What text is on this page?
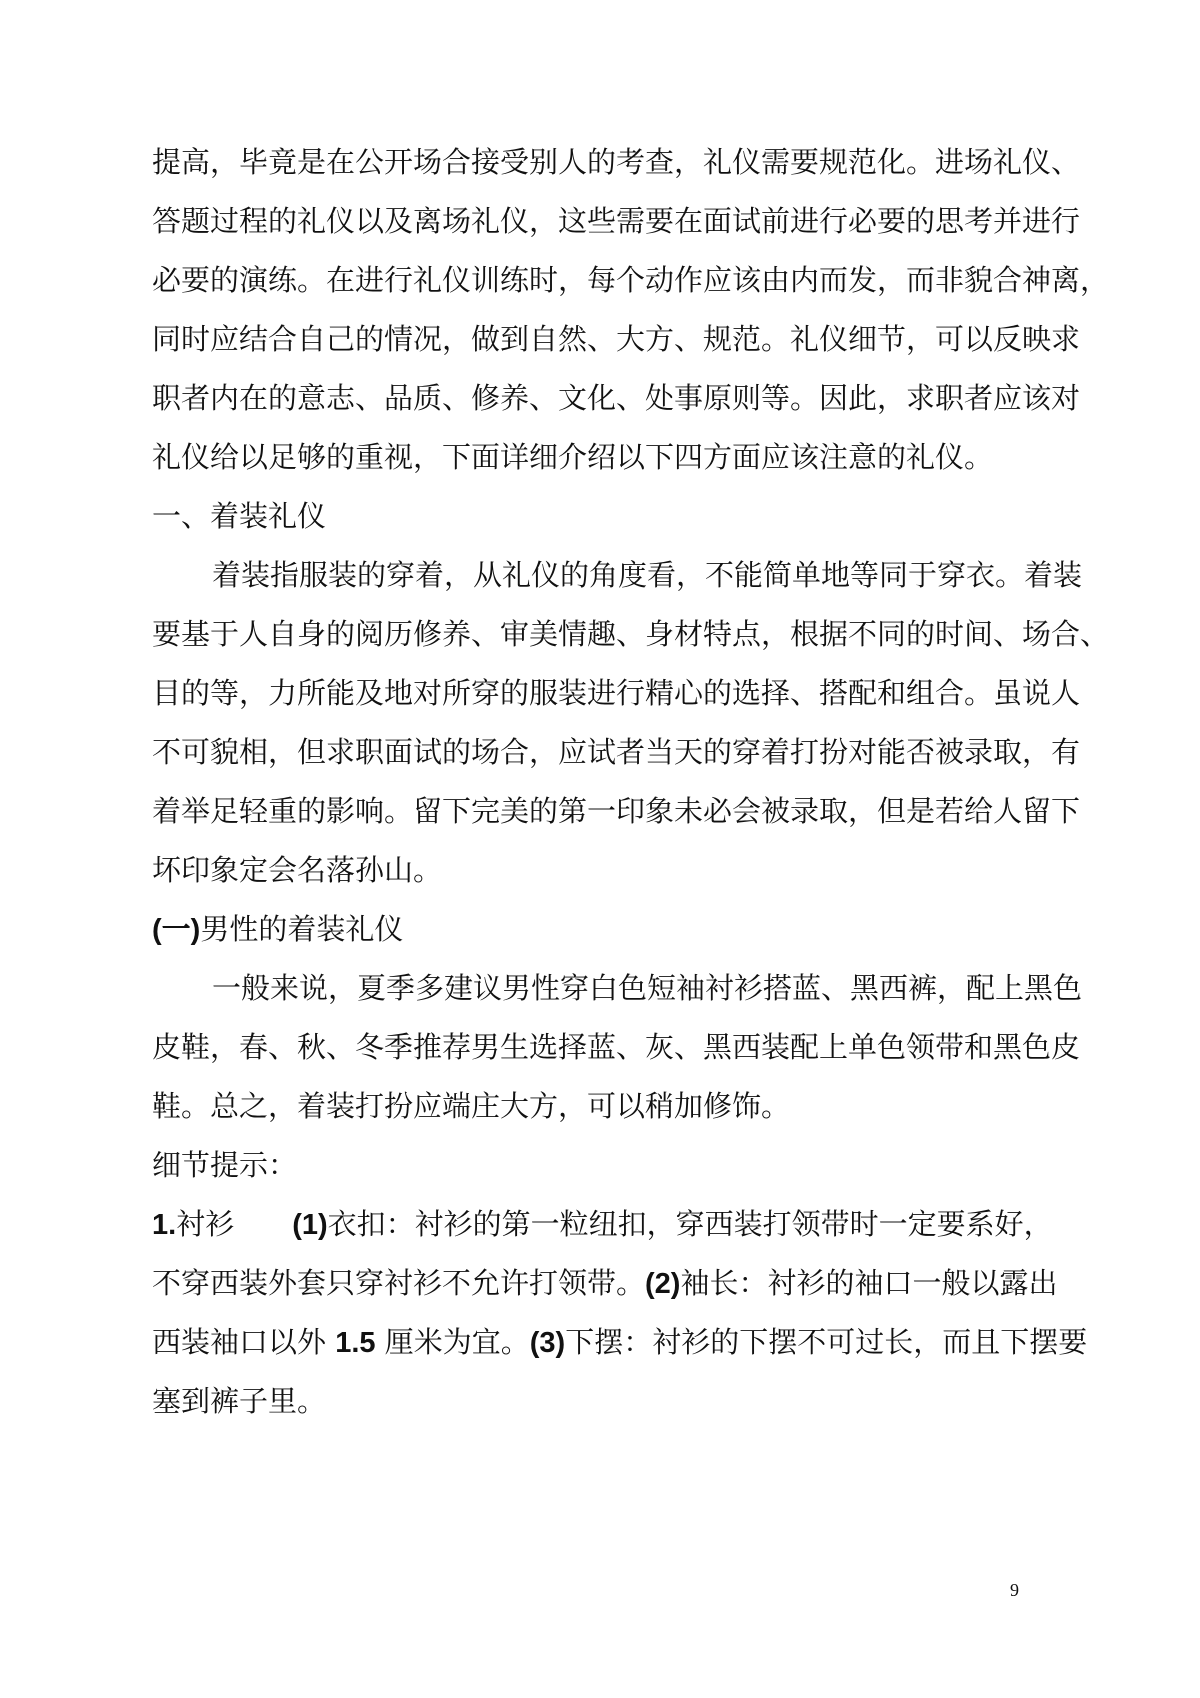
提高，毕竟是在公开场合接受别人的考查，礼仪需要规范化。进场礼仪、
答题过程的礼仪以及离场礼仪，这些需要在面试前进行必要的思考并进行
必要的演练。在进行礼仪训练时，每个动作应该由内而发，而非貌合神离，
同时应结合自己的情况，做到自然、大方、规范。礼仪细节，可以反映求
职者内在的意志、品质、修养、文化、处事原则等。因此，求职者应该对
礼仪给以足够的重视，下面详细介绍以下四方面应该注意的礼仪。
一、着装礼仪
着装指服装的穿着，从礼仪的角度看，不能简单地等同于穿衣。着装
要基于人自身的阅历修养、审美情趣、身材特点，根据不同的时间、场合、
目的等，力所能及地对所穿的服装进行精心的选择、搭配和组合。虽说人
不可貌相，但求职面试的场合，应试者当天的穿着打扮对能否被录取，有
着举足轻重的影响。留下完美的第一印象未必会被录取，但是若给人留下
坏印象定会名落孙山。
(一)男性的着装礼仪
一般来说，夏季多建议男性穿白色短袖衬衫搭蓝、黑西裤，配上黑色
皮鞋，春、秋、冬季推荐男生选择蓝、灰、黑西装配上单色领带和黑色皮
鞋。总之，着装打扮应端庄大方，可以稍加修饰。
细节提示：
1.衬衫 (1)衣扣：衬衫的第一粒纽扣，穿西装打领带时一定要系好，
不穿西装外套只穿衬衫不允许打领带。(2)袖长：衬衫的袖口一般以露出
西装袖口以外 1.5 厘米为宜。(3)下摆：衬衫的下摆不可过长，而且下摆要
塞到裤子里。
9
